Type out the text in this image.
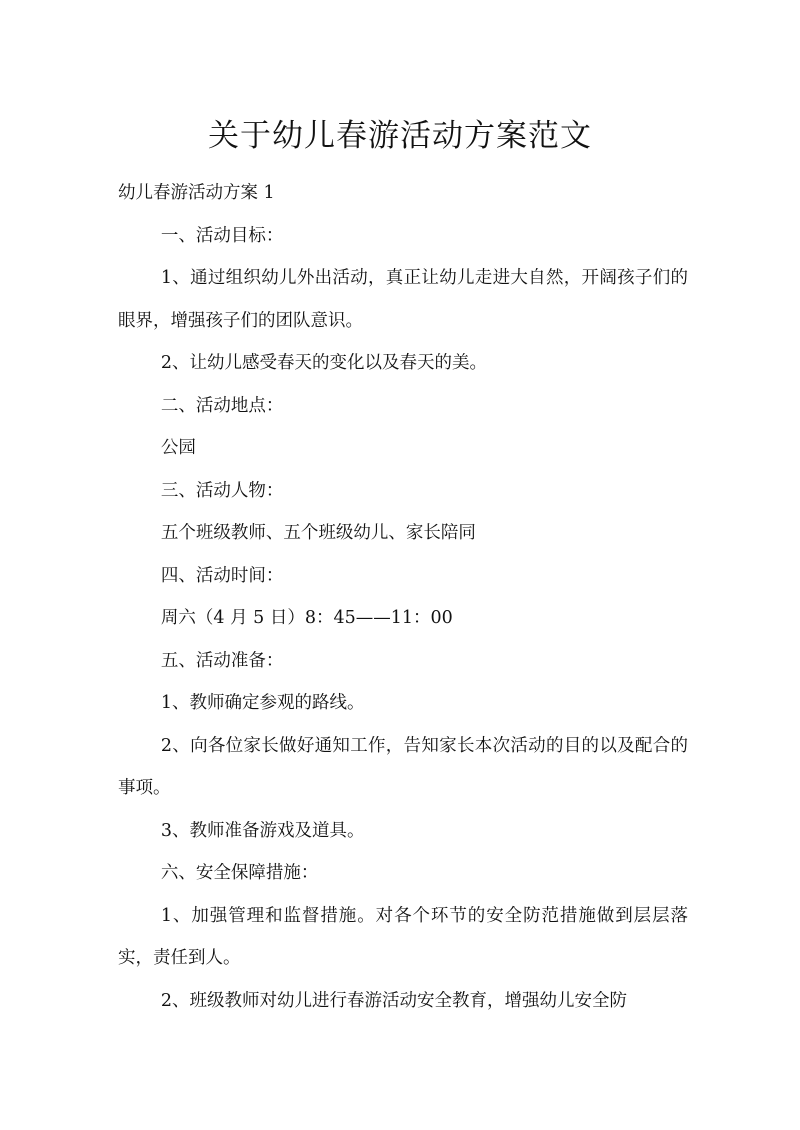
关于幼儿春游活动方案范文

幼儿春游活动方案 1

一、活动目标：

1、通过组织幼儿外出活动，真正让幼儿走进大自然，开阔孩子们的眼界，增强孩子们的团队意识。

2、让幼儿感受春天的变化以及春天的美。

二、活动地点：

公园

三、活动人物：

五个班级教师、五个班级幼儿、家长陪同

四、活动时间：

周六（4 月 5 日）8：45——11：00

五、活动准备：

1、教师确定参观的路线。

2、向各位家长做好通知工作，告知家长本次活动的目的以及配合的事项。

3、教师准备游戏及道具。

六、安全保障措施：

1、加强管理和监督措施。对各个环节的安全防范措施做到层层落实，责任到人。

2、班级教师对幼儿进行春游活动安全教育，增强幼儿安全防
